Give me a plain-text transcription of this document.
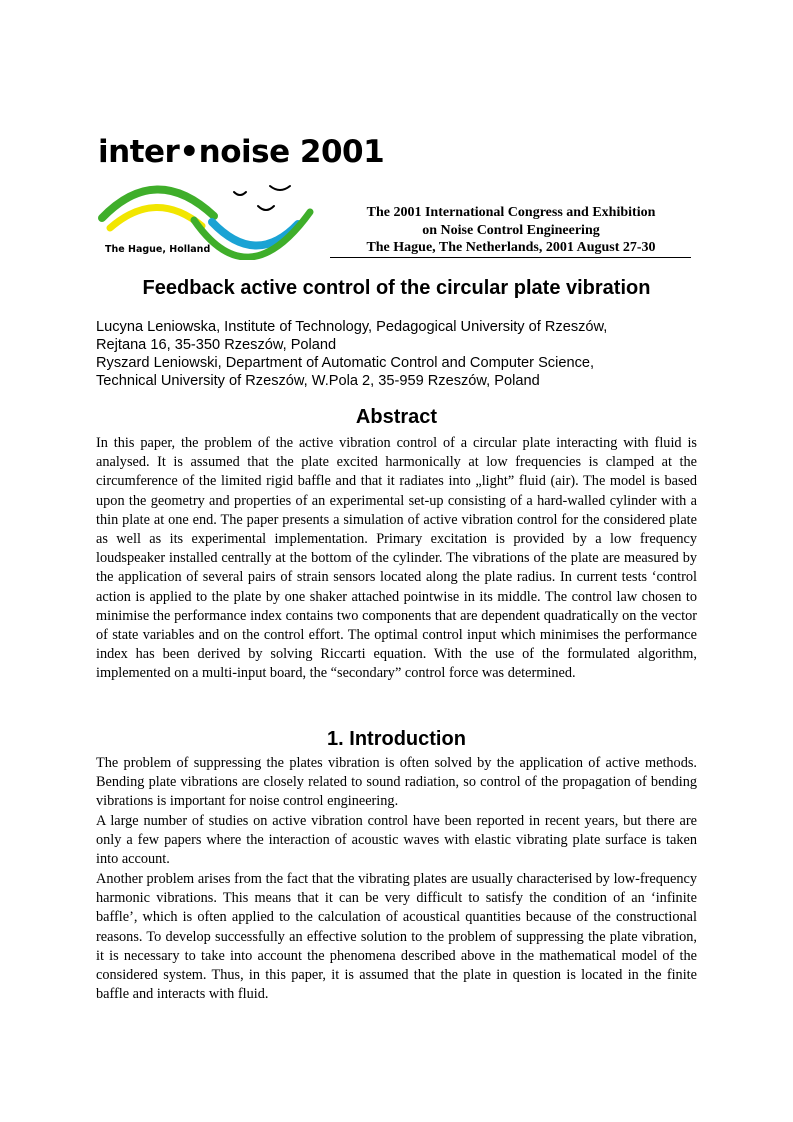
inter•noise 2001
The Hague, Holland
The 2001 International Congress and Exhibition
on Noise Control Engineering
The Hague, The Netherlands, 2001 August 27-30
Feedback active control of the circular plate vibration
Lucyna Leniowska, Institute of Technology, Pedagogical University of Rzeszów,
Rejtana 16, 35-350 Rzeszów, Poland
Ryszard Leniowski, Department of Automatic Control and Computer Science,
Technical University of Rzeszów, W.Pola 2, 35-959 Rzeszów, Poland
Abstract

In this paper, the problem of the active vibration control of a circular plate interacting with fluid is analysed. It is assumed that the plate excited harmonically at low frequencies is clamped at the circumference of the limited rigid baffle and that it radiates into „light” fluid (air). The model is based upon the geometry and properties of an experimental set-up consisting of a hard-walled cylinder with a thin plate at one end. The paper presents a simulation of active vibration control for the considered plate as well as its experimental implementation. Primary excitation is provided by a low frequency loudspeaker installed centrally at the bottom of the cylinder. The vibrations of the plate are measured by the application of several pairs of strain sensors located along the plate radius. In current tests ‘control action is applied to the plate by one shaker attached pointwise in its middle. The control law chosen to minimise the performance index contains two components that are dependent quadratically on the vector of state variables and on the control effort. The optimal control input which minimises the performance index has been derived by solving Riccarti equation. With the use of the formulated algorithm, implemented on a multi-input board, the “secondary” control force was determined.

1. Introduction

The problem of suppressing the plates vibration is often solved by the application of active methods. Bending plate vibrations are closely related to sound radiation, so control of the propagation of bending vibrations is important for noise control engineering.

A large number of studies on active vibration control have been reported in recent years, but there are only a few papers where the interaction of acoustic waves with elastic vibrating plate surface is taken into account.

Another problem arises from the fact that the vibrating plates are usually characterised by low-frequency harmonic vibrations. This means that it can be very difficult to satisfy the condition of an ‘infinite baffle’, which is often applied to the calculation of acoustical quantities because of the constructional reasons. To develop successfully an effective solution to the problem of suppressing the plate vibration, it is necessary to take into account the phenomena described above in the mathematical model of the considered system. Thus, in this paper, it is assumed that the plate in question is located in the finite baffle and interacts with fluid.
